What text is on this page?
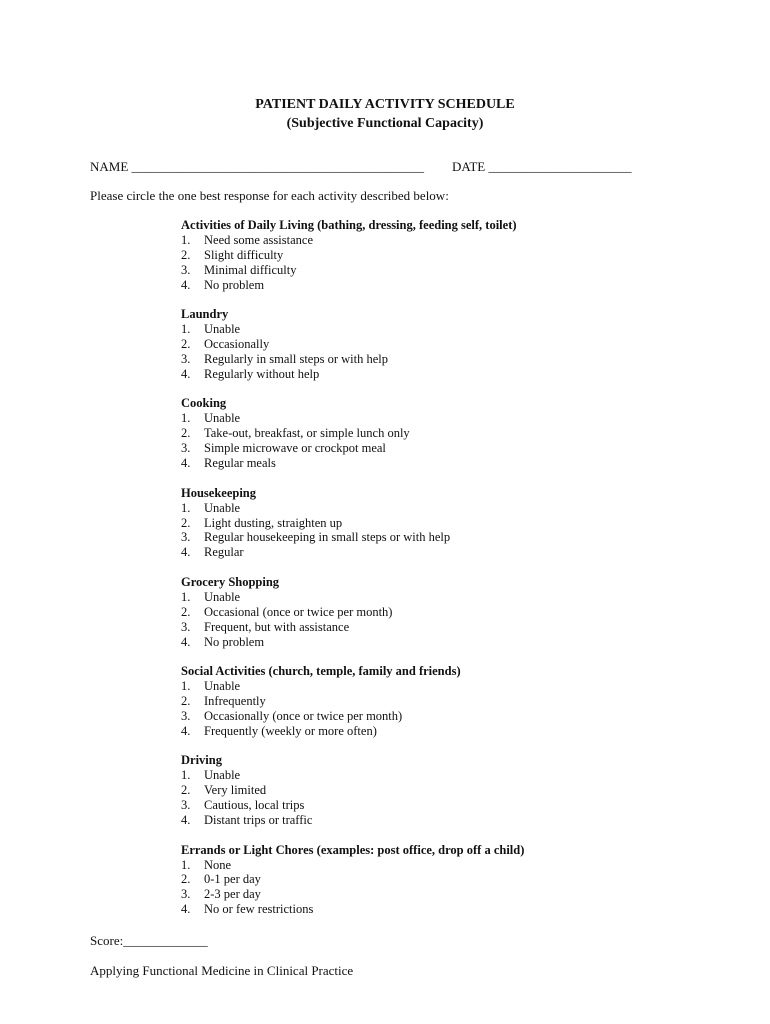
PATIENT DAILY ACTIVITY SCHEDULE
(Subjective Functional Capacity)
NAME _____________________________________________ DATE ______________________
Please circle the one best response for each activity described below:
Activities of Daily Living (bathing, dressing, feeding self, toilet)
1. Need some assistance
2. Slight difficulty
3. Minimal difficulty
4. No problem
Laundry
1. Unable
2. Occasionally
3. Regularly in small steps or with help
4. Regularly without help
Cooking
1. Unable
2. Take-out, breakfast, or simple lunch only
3. Simple microwave or crockpot meal
4. Regular meals
Housekeeping
1. Unable
2. Light dusting, straighten up
3. Regular housekeeping in small steps or with help
4. Regular
Grocery Shopping
1. Unable
2. Occasional (once or twice per month)
3. Frequent, but with assistance
4. No problem
Social Activities (church, temple, family and friends)
1. Unable
2. Infrequently
3. Occasionally (once or twice per month)
4. Frequently (weekly or more often)
Driving
1. Unable
2. Very limited
3. Cautious, local trips
4. Distant trips or traffic
Errands or Light Chores (examples: post office, drop off a child)
1. None
2. 0-1 per day
3. 2-3 per day
4. No or few restrictions
Score:_____________
Applying Functional Medicine in Clinical Practice
